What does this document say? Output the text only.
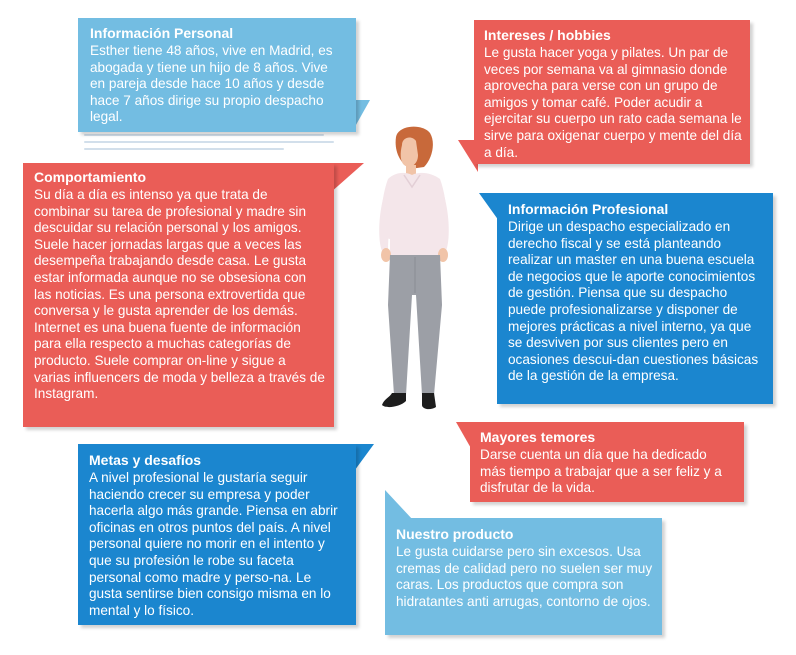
Información Personal
Esther tiene 48 años, vive en Madrid, es abogada y tiene un hijo de 8 años. Vive en pareja desde hace 10 años y desde hace 7 años dirige su propio despacho legal.
Intereses / hobbies
Le gusta hacer yoga y pilates. Un par de veces por semana va al gimnasio donde aprovecha para verse con un grupo de amigos y tomar café. Poder acudir a ejercitar su cuerpo un rato cada semana le sirve para oxigenar cuerpo y mente del día a día.
Comportamiento
Su día a día es intenso ya que trata de combinar su tarea de profesional y madre sin descuidar su relación personal y los amigos. Suele hacer jornadas largas que a veces las desempeña trabajando desde casa. Le gusta estar informada aunque no se obsesiona con las noticias. Es una persona extrovertida que conversa y le gusta aprender de los demás. Internet es una buena fuente de información para ella respecto a muchas categorías de producto. Suele comprar on-line y sigue a varias influencers de moda y belleza a través de Instagram.
Información Profesional
Dirige un despacho especializado en derecho fiscal y se está planteando realizar un master en una buena escuela de negocios que le aporte conocimientos de gestión. Piensa que su despacho puede profesionalizarse y disponer de mejores prácticas a nivel interno, ya que se desviven por sus clientes pero en ocasiones descui-dan cuestiones básicas de la gestión de la empresa.
Mayores temores
Darse cuenta un día que ha dedicado más tiempo a trabajar que a ser feliz y a disfrutar de la vida.
Metas y desafíos
A nivel profesional le gustaría seguir haciendo crecer su empresa y poder hacerla algo más grande. Piensa en abrir oficinas en otros puntos del país. A nivel personal quiere no morir en el intento y que su profesión le robe su faceta personal como madre y perso-na. Le gusta sentirse bien consigo misma en lo mental y lo físico.
Nuestro producto
Le gusta cuidarse pero sin excesos. Usa cremas de calidad pero no suelen ser muy caras. Los productos que compra son hidratantes anti arrugas, contorno de ojos.
